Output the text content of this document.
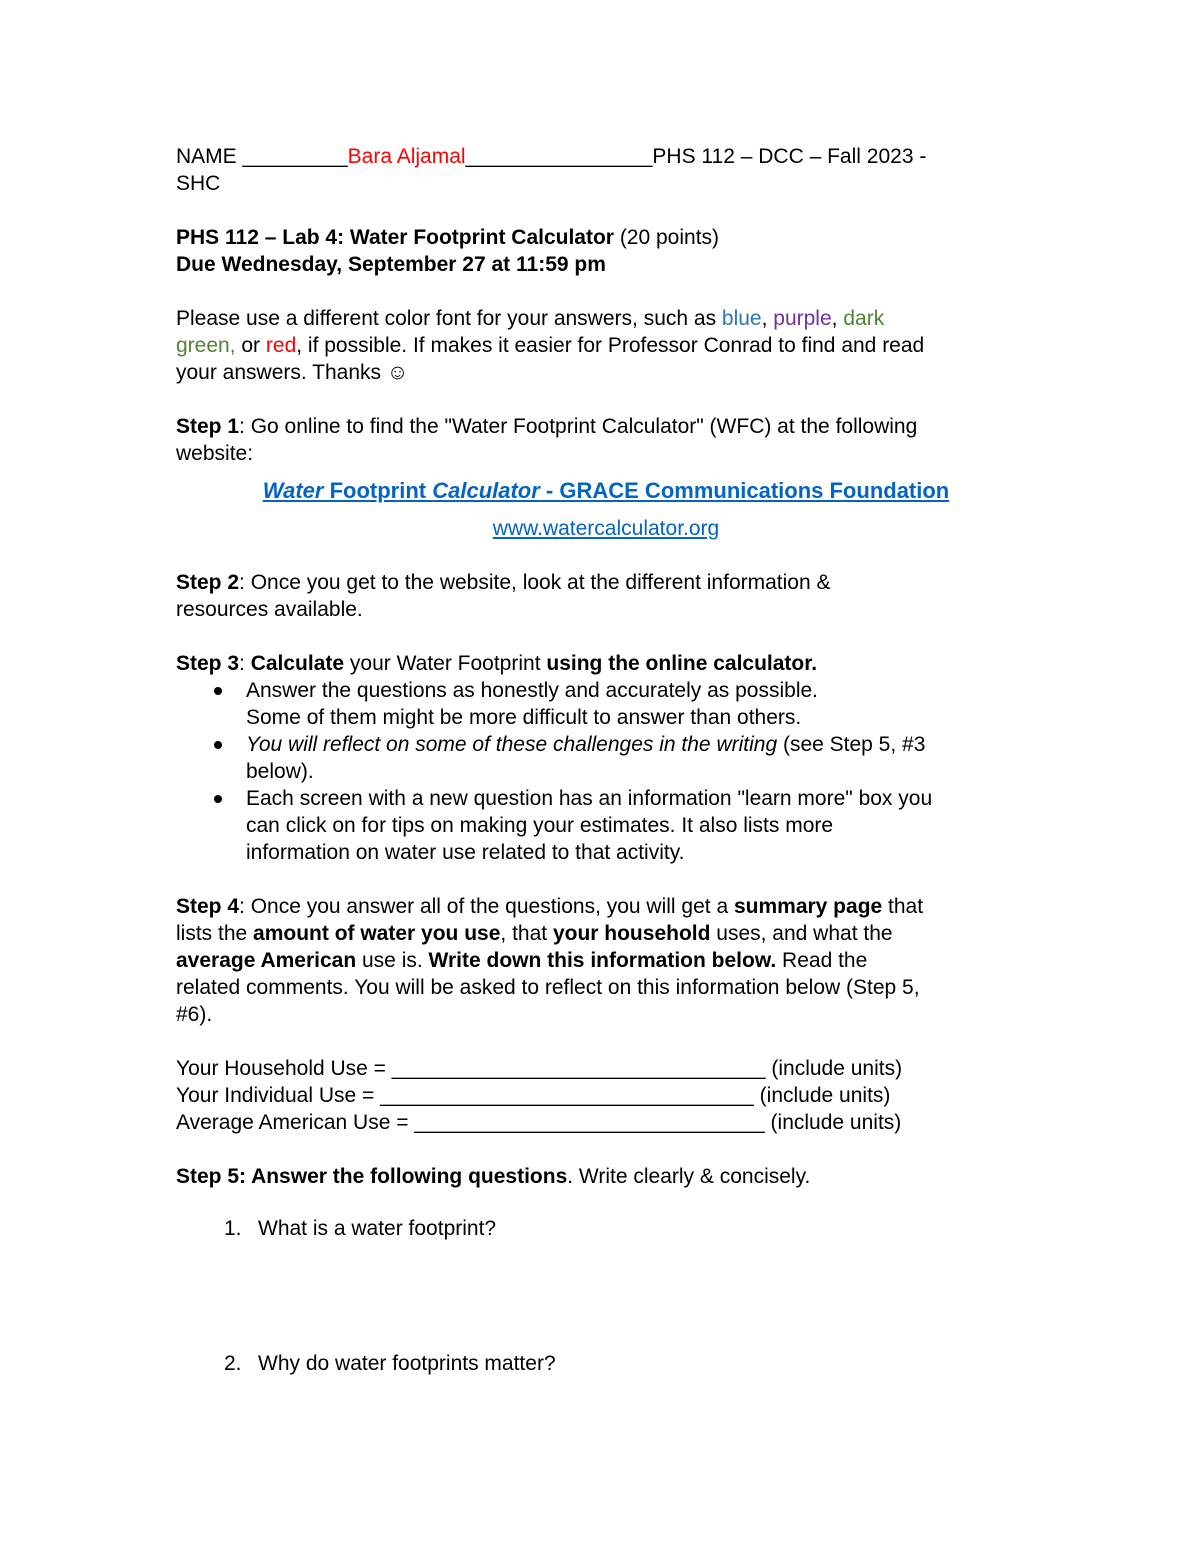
NAME _________Bara Aljamal________________PHS 112 – DCC – Fall 2023 -

SHC

PHS 112 – Lab 4: Water Footprint Calculator (20 points)

Due Wednesday, September 27 at 11:59 pm

Please use a different color font for your answers, such as blue, purple, dark

green, or red, if possible. If makes it easier for Professor Conrad to find and read

your answers. Thanks ☺

Step 1: Go online to find the "Water Footprint Calculator" (WFC) at the following

website:

Water Footprint Calculator - GRACE Communications Foundation

www.watercalculator.org

Step 2: Once you get to the website, look at the different information &

resources available.

Step 3: Calculate your Water Footprint using the online calculator.

Answer the questions as honestly and accurately as possible.
Some of them might be more difficult to answer than others.
You will reflect on some of these challenges in the writing (see Step 5, #3
below).
Each screen with a new question has an information "learn more" box you
can click on for tips on making your estimates. It also lists more
information on water use related to that activity.

Step 4: Once you answer all of the questions, you will get a summary page that

lists the amount of water you use, that your household uses, and what the

average American use is. Write down this information below. Read the

related comments. You will be asked to reflect on this information below (Step 5,

#6).

Your Household Use = ________________________________ (include units)

Your Individual Use = ________________________________ (include units)

Average American Use = ______________________________ (include units)

Step 5: Answer the following questions. Write clearly & concisely.

1. What is a water footprint?
2. Why do water footprints matter?
